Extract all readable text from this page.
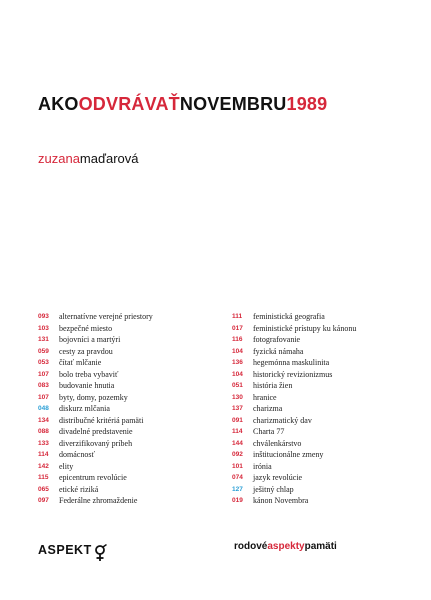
AKOODVRÁVAŤNOVEMBRU1989
zuzanamaďarová
093	alternatívne verejné priestory
103	bezpečné miesto
131	bojovníci a martýri
059	cesty za pravdou
053	čítať mlčanie
107	bolo treba vybaviť
083	budovanie hnutia
107	byty, domy, pozemky
048	diskurz mlčania
134	distribučné kritériá pamäti
088	divadelné predstavenie
133	diverzifikovaný príbeh
114	domácnosť
142	elity
115	epicentrum revolúcie
065	etické riziká
097	Federálne zhromaždenie
111	feministická geografia
017	feministické prístupy ku kánonu
116	fotografovanie
104	fyzická námaha
136	hegemónna maskulinita
104	historický revizionizmus
051	história žien
130	hranice
137	charizma
091	charizmatický dav
114	Charta 77
144	chválenkárstvo
092	inštitucionálne zmeny
101	irónia
074	jazyk revolúcie
127	ješitný chlap
019	kánon Novembra
ASPEKT	rodovéaspektypamäti
